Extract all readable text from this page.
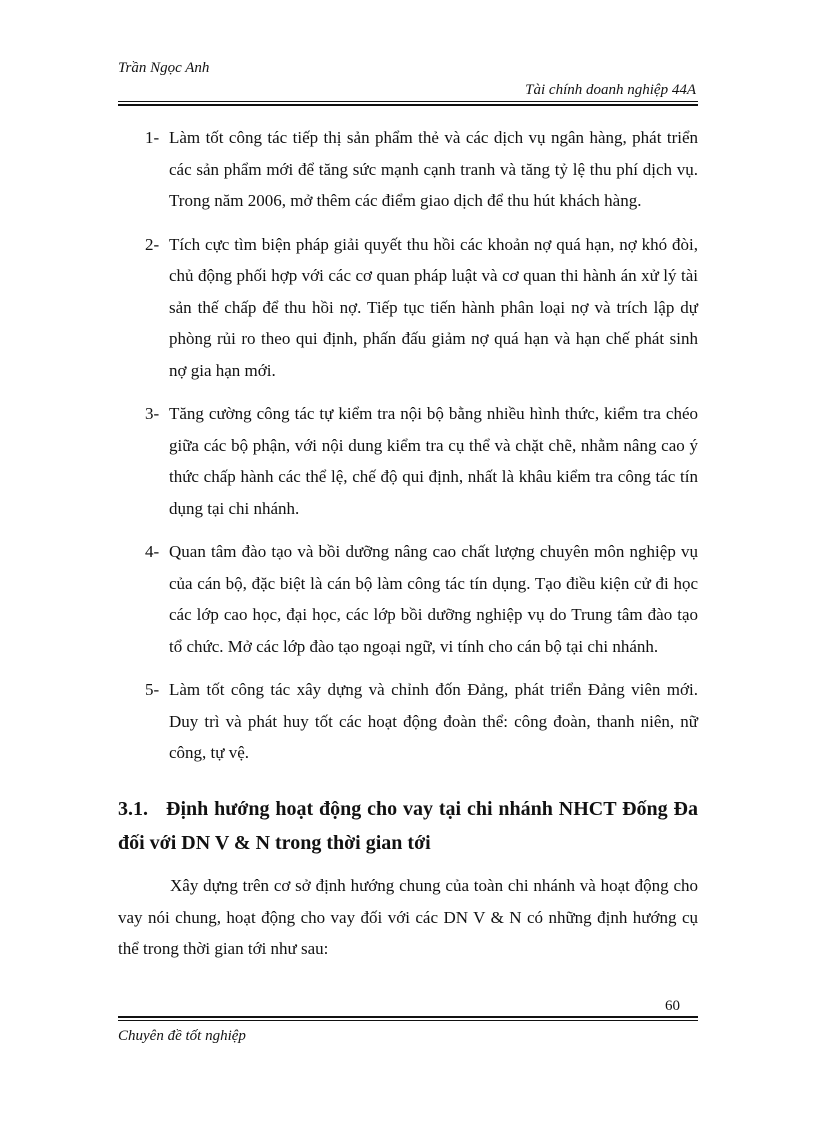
Trần Ngọc Anh
Tài chính doanh nghiệp 44A
1- Làm tốt công tác tiếp thị sản phẩm thẻ và các dịch vụ ngân hàng, phát triển các sản phẩm mới để tăng sức mạnh cạnh tranh và tăng tỷ lệ thu phí dịch vụ. Trong năm 2006, mở thêm các điểm giao dịch để thu hút khách hàng.
2- Tích cực tìm biện pháp giải quyết thu hồi các khoản nợ quá hạn, nợ khó đòi, chủ động phối hợp với các cơ quan pháp luật và cơ quan thi hành án xử lý tài sản thế chấp để thu hồi nợ. Tiếp tục tiến hành phân loại nợ và trích lập dự phòng rủi ro theo qui định, phấn đấu giảm nợ quá hạn và hạn chế phát sinh nợ gia hạn mới.
3- Tăng cường công tác tự kiểm tra nội bộ bằng nhiều hình thức, kiểm tra chéo giữa các bộ phận, với nội dung kiểm tra cụ thể và chặt chẽ, nhằm nâng cao ý thức chấp hành các thể lệ, chế độ qui định, nhất là khâu kiểm tra công tác tín dụng tại chi nhánh.
4- Quan tâm đào tạo và bồi dưỡng nâng cao chất lượng chuyên môn nghiệp vụ của cán bộ, đặc biệt là cán bộ làm công tác tín dụng. Tạo điều kiện cử đi học các lớp cao học, đại học, các lớp bồi dưỡng nghiệp vụ do Trung tâm đào tạo tổ chức. Mở các lớp đào tạo ngoại ngữ, vi tính cho cán bộ tại chi nhánh.
5- Làm tốt công tác xây dựng và chỉnh đốn Đảng, phát triển Đảng viên mới. Duy trì và phát huy tốt các hoạt động đoàn thể: công đoàn, thanh niên, nữ công, tự vệ.
3.1. Định hướng hoạt động cho vay tại chi nhánh NHCT Đống Đa đối với DN V & N trong thời gian tới

Xây dựng trên cơ sở định hướng chung của toàn chi nhánh và hoạt động cho vay nói chung, hoạt động cho vay đối với các DN V & N có những định hướng cụ thể trong thời gian tới như sau:

60
Chuyên đề tốt nghiệp
